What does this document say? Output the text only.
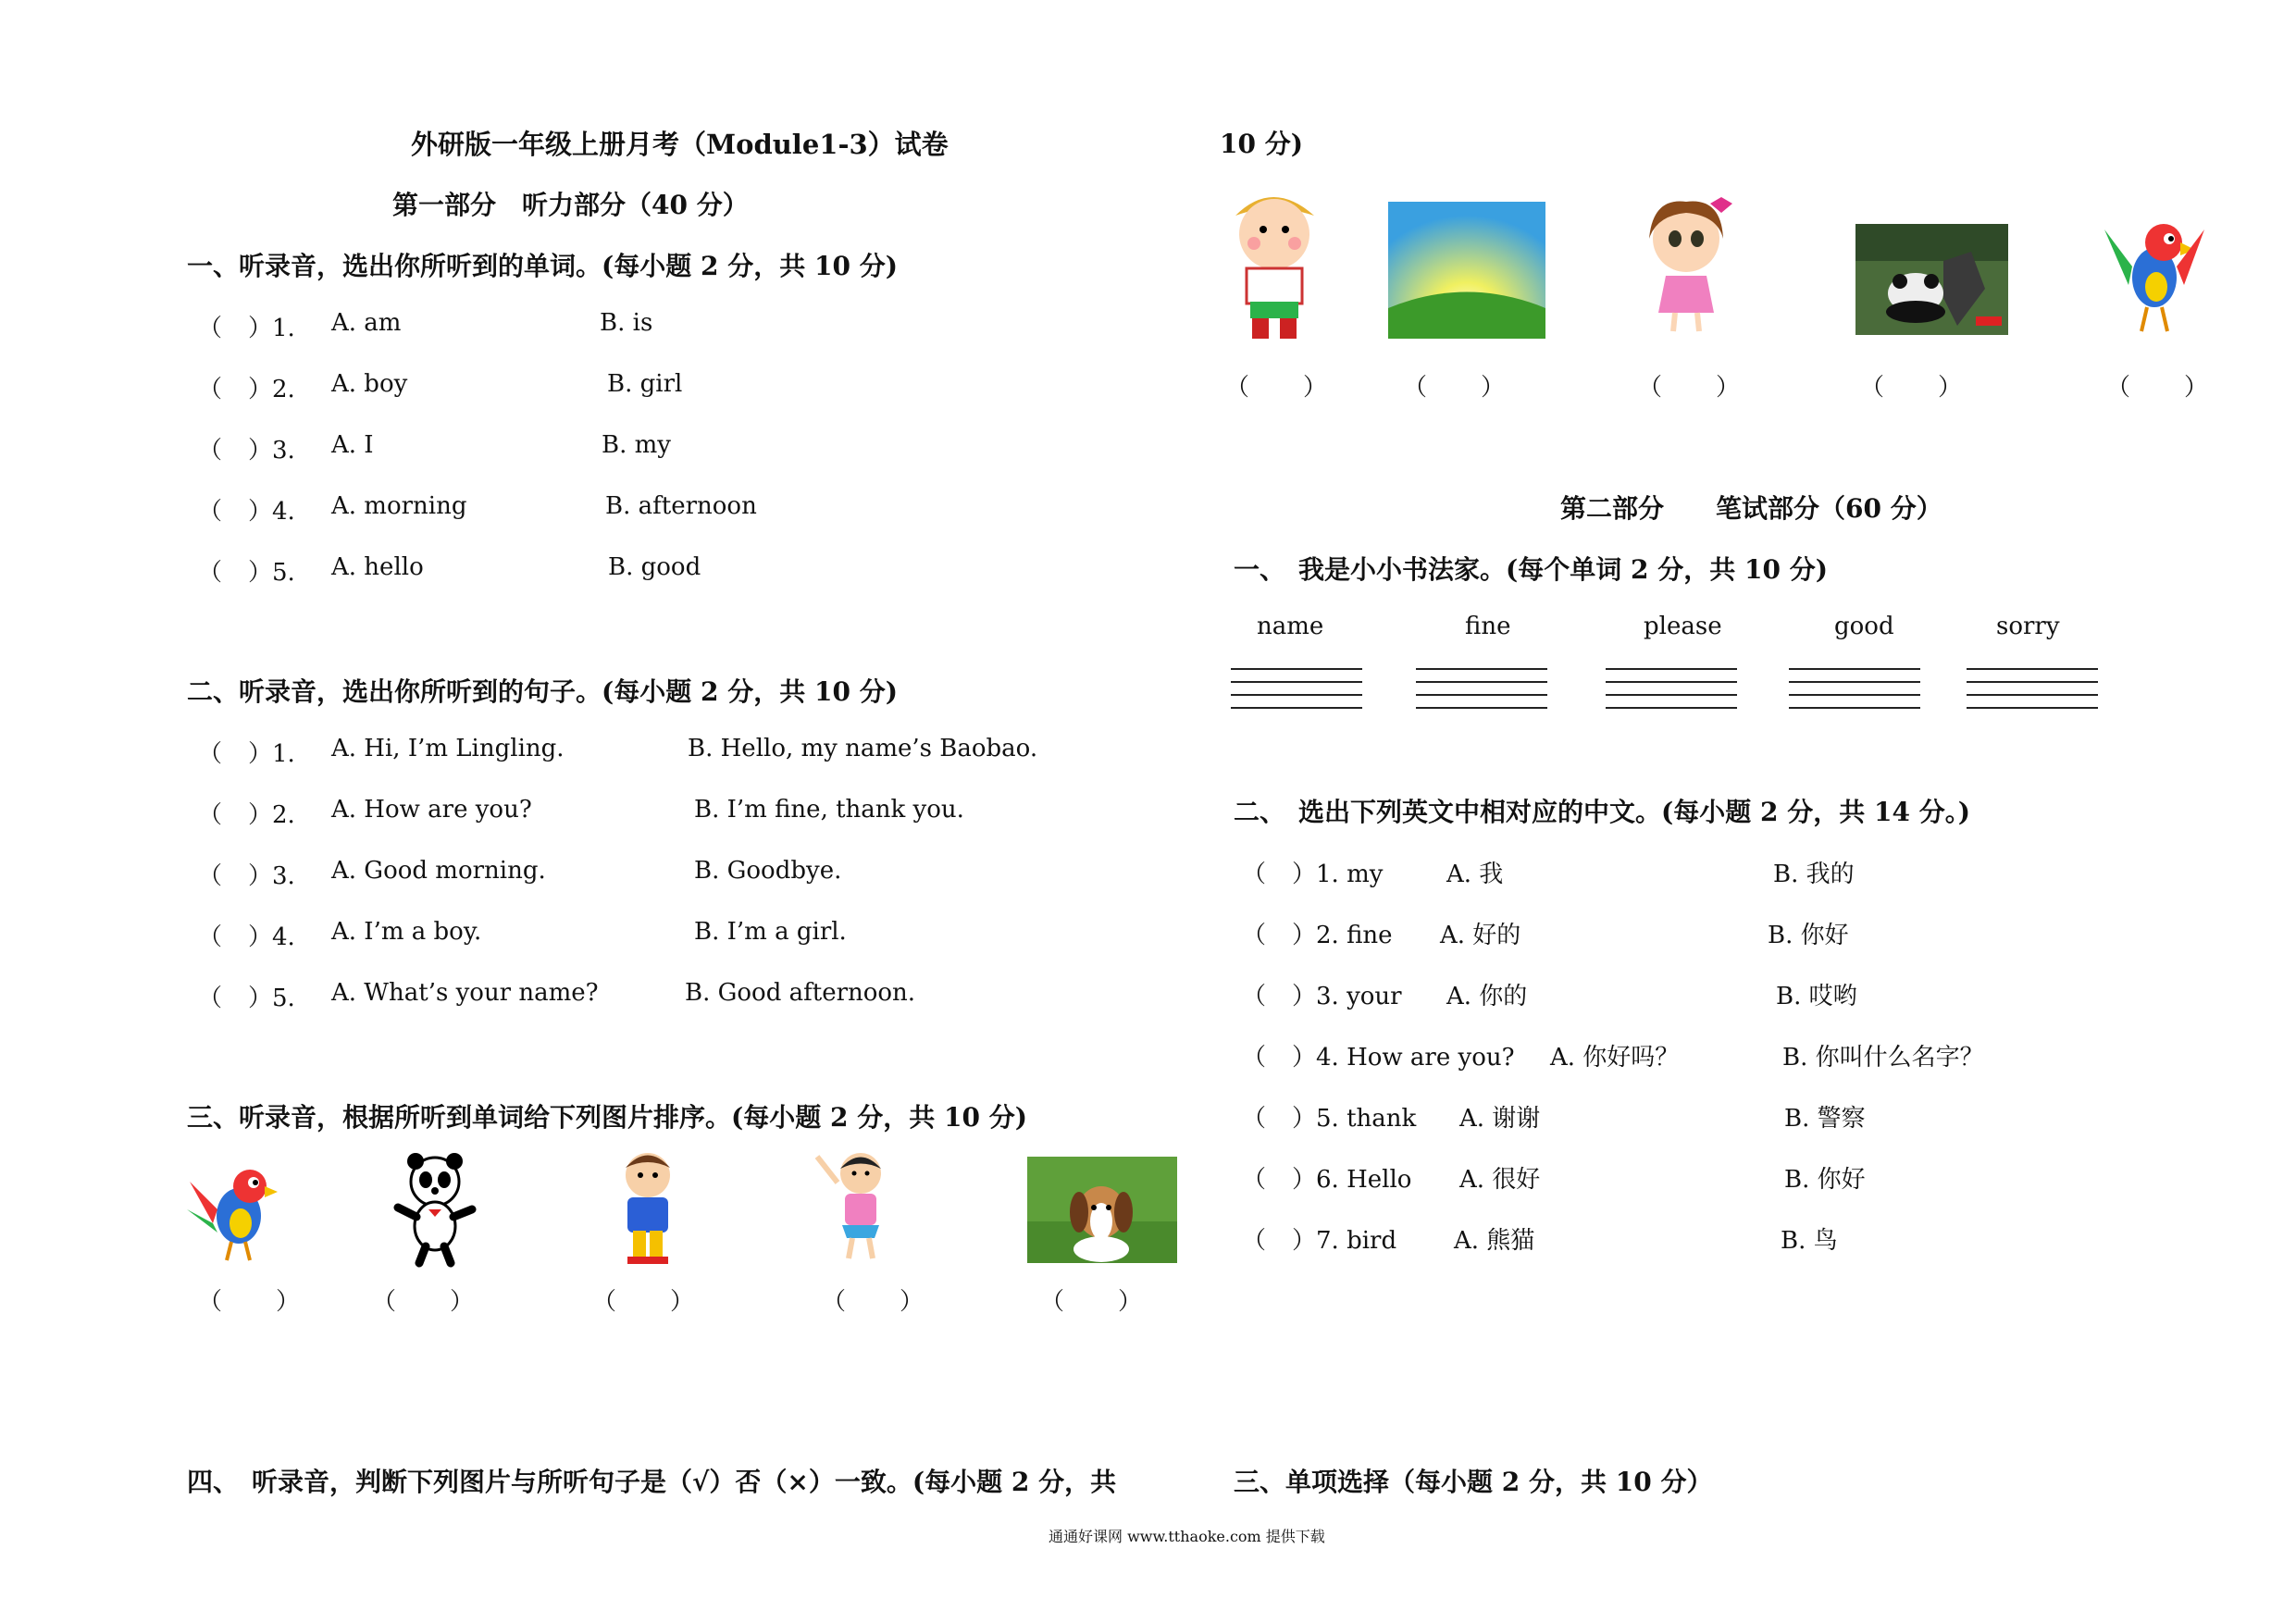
外研版一年级上册月考（Module1-3）试卷
第一部分　听力部分（40 分）
一、听录音，选出你所听到的单词。(每小题 2 分，共 10 分)
（ ）1. A. am	B. is
（ ）2. A. boy	B. girl
（ ）3. A. I	B. my
（ ）4. A. morning	B. afternoon
（ ）5. A. hello	B. good
二、听录音，选出你所听到的句子。(每小题 2 分，共 10 分)
（ ）1. A. Hi, I’m Lingling.	B. Hello, my name’s Baobao.
（ ）2. A. How are you?	B. I’m fine, thank you.
（ ）3. A. Good morning.	B. Goodbye.
（ ）4. A. I’m a boy.	B. I’m a girl.
（ ）5. A. What’s your name?	B. Good afternoon.
三、听录音，根据所听到单词给下列图片排序。(每小题 2 分，共 10 分)
（ ）	（ ）	（ ）	（ ）	（ ）
四、　听录音，判断下列图片与所听句子是（√）否（×）一致。(每小题 2 分，共
10 分)
（ ）	（ ）	（ ）	（ ）	（ ）
第二部分　　笔试部分（60 分）
一、　我是小小书法家。(每个单词 2 分，共 10 分)
name	fine	please	good	sorry
二、　选出下列英文中相对应的中文。(每小题 2 分，共 14 分。)
（ ）1. my	A. 我	B. 我的
（ ）2. fine A. 好的	B. 你好
（ ）3. your A. 你的	B. 哎哟
（ ）4. How are you? A. 你好吗？	B. 你叫什么名字？
（ ）5. thank A. 谢谢	B. 警察
（ ）6. Hello A. 很好	B. 你好
（ ）7. bird A. 熊猫	B. 鸟
三、单项选择（每小题 2 分，共 10 分）
通通好课网 www.tthaoke.com 提供下载
